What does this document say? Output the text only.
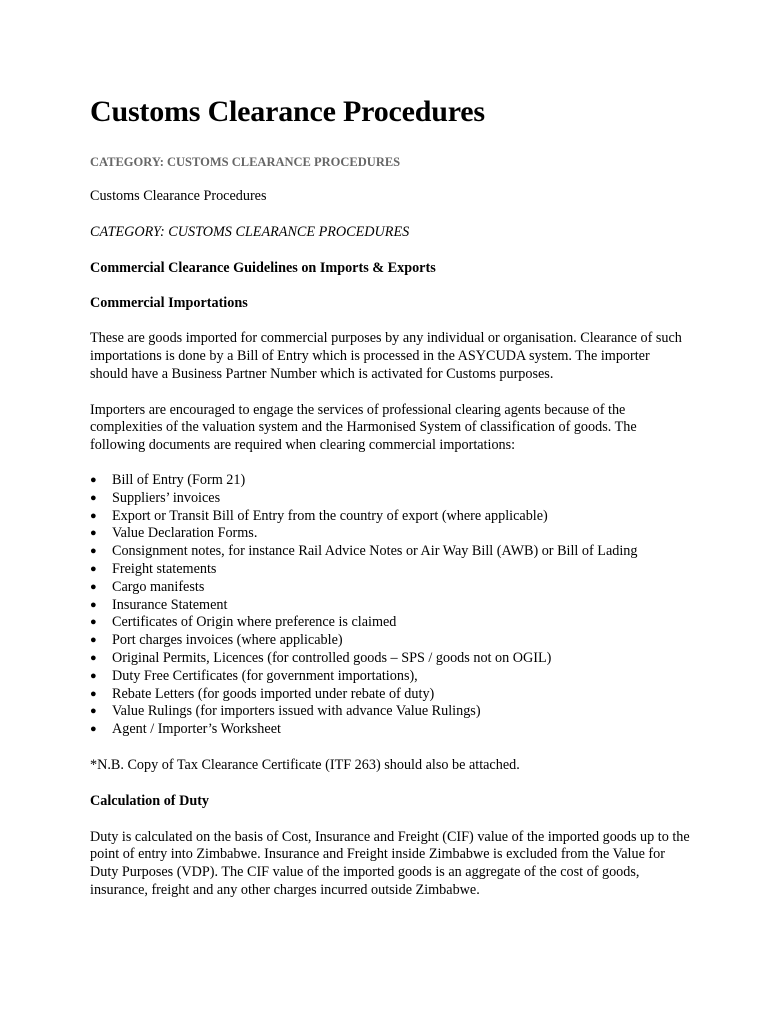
Customs Clearance Procedures
CATEGORY: CUSTOMS CLEARANCE PROCEDURES

Customs Clearance Procedures

CATEGORY: CUSTOMS CLEARANCE PROCEDURES

Commercial Clearance Guidelines on Imports & Exports

Commercial Importations

These are goods imported for commercial purposes by any individual or organisation. Clearance of such importations is done by a Bill of Entry which is processed in the ASYCUDA system. The importer should have a Business Partner Number which is activated for Customs purposes.

Importers are encouraged to engage the services of professional clearing agents because of the complexities of the valuation system and the Harmonised System of classification of goods. The following documents are required when clearing commercial importations:

● Bill of Entry (Form 21)
● Suppliers’ invoices
● Export or Transit Bill of Entry from the country of export (where applicable)
● Value Declaration Forms.
● Consignment notes, for instance Rail Advice Notes or Air Way Bill (AWB) or Bill of Lading
● Freight statements
● Cargo manifests
● Insurance Statement
● Certificates of Origin where preference is claimed
● Port charges invoices (where applicable)
● Original Permits, Licences (for controlled goods – SPS / goods not on OGIL)
● Duty Free Certificates (for government importations),
● Rebate Letters (for goods imported under rebate of duty)
● Value Rulings (for importers issued with advance Value Rulings)
● Agent / Importer’s Worksheet

*N.B. Copy of Tax Clearance Certificate (ITF 263) should also be attached.

Calculation of Duty

Duty is calculated on the basis of Cost, Insurance and Freight (CIF) value of the imported goods up to the point of entry into Zimbabwe. Insurance and Freight inside Zimbabwe is excluded from the Value for Duty Purposes (VDP). The CIF value of the imported goods is an aggregate of the cost of goods, insurance, freight and any other charges incurred outside Zimbabwe.
